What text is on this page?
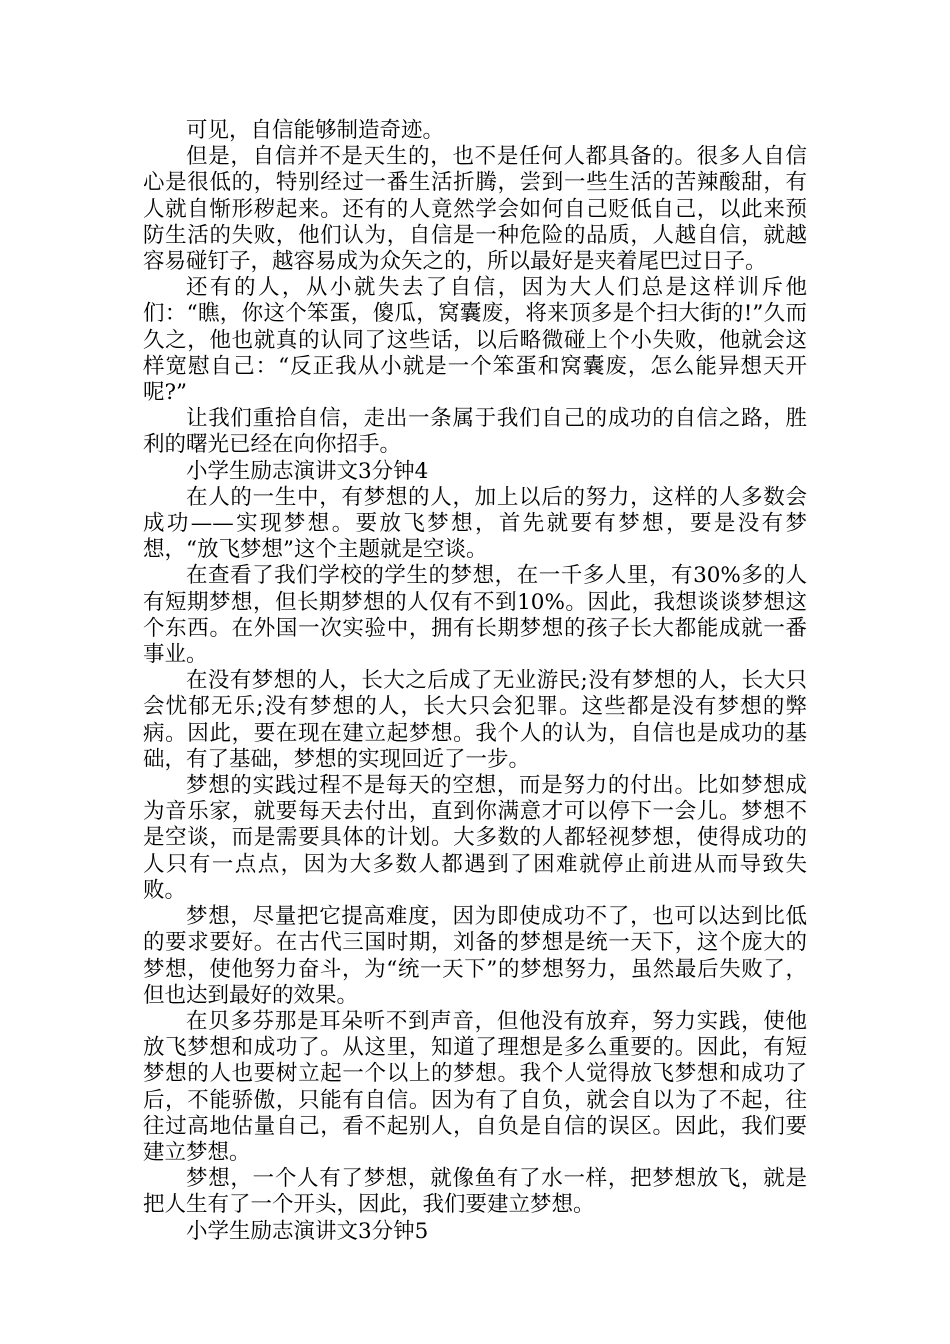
可见，自信能够制造奇迹。

但是，自信并不是天生的，也不是任何人都具备的。很多人自信心是很低的，特别经过一番生活折腾，尝到一些生活的苦辣酸甜，有人就自惭形秽起来。还有的人竟然学会如何自己贬低自己，以此来预防生活的失败，他们认为，自信是一种危险的品质，人越自信，就越容易碰钉子，越容易成为众矢之的，所以最好是夹着尾巴过日子。

还有的人，从小就失去了自信，因为大人们总是这样训斥他们：“瞧，你这个笨蛋，傻瓜，窝囊废，将来顶多是个扫大街的!”久而久之，他也就真的认同了这些话，以后略微碰上个小失败，他就会这样宽慰自己：“反正我从小就是一个笨蛋和窝囊废，怎么能异想天开呢?”

让我们重拾自信，走出一条属于我们自己的成功的自信之路，胜利的曙光已经在向你招手。

小学生励志演讲文3分钟4

在人的一生中，有梦想的人，加上以后的努力，这样的人多数会成功——实现梦想。要放飞梦想，首先就要有梦想，要是没有梦想，“放飞梦想”这个主题就是空谈。

在查看了我们学校的学生的梦想，在一千多人里，有30%多的人有短期梦想，但长期梦想的人仅有不到10%。因此，我想谈谈梦想这个东西。在外国一次实验中，拥有长期梦想的孩子长大都能成就一番事业。

在没有梦想的人，长大之后成了无业游民;没有梦想的人，长大只会忧郁无乐;没有梦想的人，长大只会犯罪。这些都是没有梦想的弊病。因此，要在现在建立起梦想。我个人的认为，自信也是成功的基础，有了基础，梦想的实现回近了一步。

梦想的实践过程不是每天的空想，而是努力的付出。比如梦想成为音乐家，就要每天去付出，直到你满意才可以停下一会儿。梦想不是空谈，而是需要具体的计划。大多数的人都轻视梦想，使得成功的人只有一点点，因为大多数人都遇到了困难就停止前进从而导致失败。

梦想，尽量把它提高难度，因为即使成功不了，也可以达到比低的要求要好。在古代三国时期，刘备的梦想是统一天下，这个庞大的梦想，使他努力奋斗，为“统一天下”的梦想努力，虽然最后失败了，但也达到最好的效果。

在贝多芬那是耳朵听不到声音，但他没有放弃，努力实践，使他放飞梦想和成功了。从这里，知道了理想是多么重要的。因此，有短梦想的人也要树立起一个以上的梦想。我个人觉得放飞梦想和成功了后，不能骄傲，只能有自信。因为有了自负，就会自以为了不起，往往过高地估量自己，看不起别人，自负是自信的误区。因此，我们要建立梦想。

梦想，一个人有了梦想，就像鱼有了水一样，把梦想放飞，就是把人生有了一个开头，因此，我们要建立梦想。

小学生励志演讲文3分钟5
